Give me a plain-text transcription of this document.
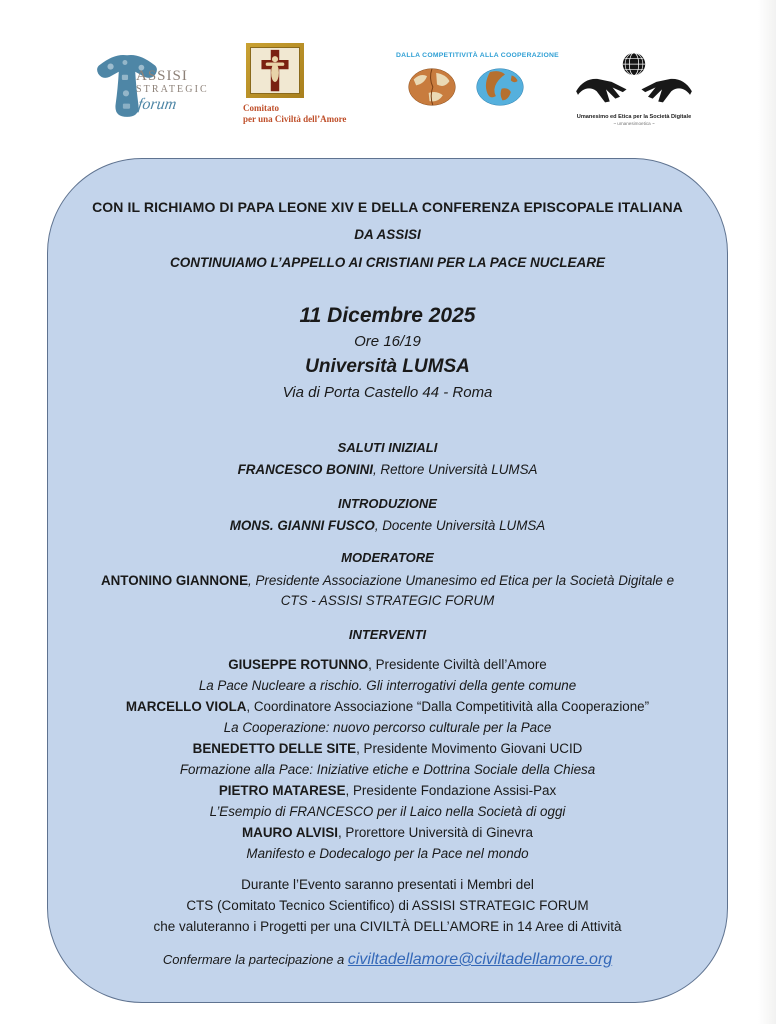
ASSISI
STRATEGIC
forum	Comitato
per una Civiltà dell’Amore
DALLA COMPETITIVITÀ ALLA COOPERAZIONE
Umanesimo ed Etica per la Società Digitale
~ umanesimoetica ~
CON IL RICHIAMO DI PAPA LEONE XIV E DELLA CONFERENZA EPISCOPALE ITALIANA
DA ASSISI
CONTINUIAMO L’APPELLO AI CRISTIANI PER LA PACE NUCLEARE
11 Dicembre 2025
Ore 16/19
Università LUMSA
Via di Porta Castello 44 - Roma
SALUTI INIZIALI
FRANCESCO BONINI, Rettore Università LUMSA
INTRODUZIONE
MONS. GIANNI FUSCO, Docente Università LUMSA
MODERATORE
ANTONINO GIANNONE, Presidente Associazione Umanesimo ed Etica per la Società Digitale e
CTS - ASSISI STRATEGIC FORUM
INTERVENTI
GIUSEPPE ROTUNNO, Presidente Civiltà dell’Amore
La Pace Nucleare a rischio. Gli interrogativi della gente comune
MARCELLO VIOLA, Coordinatore Associazione “Dalla Competitività alla Cooperazione”
La Cooperazione: nuovo percorso culturale per la Pace
BENEDETTO DELLE SITE, Presidente Movimento Giovani UCID
Formazione alla Pace: Iniziative etiche e Dottrina Sociale della Chiesa
PIETRO MATARESE, Presidente Fondazione Assisi-Pax
L’Esempio di FRANCESCO per il Laico nella Società di oggi
MAURO ALVISI, Prorettore Università di Ginevra
Manifesto e Dodecalogo per la Pace nel mondo
Durante l’Evento saranno presentati i Membri del
CTS (Comitato Tecnico Scientifico) di ASSISI STRATEGIC FORUM
che valuteranno i Progetti per una CIVILTÀ DELL’AMORE in 14 Aree di Attività
Confermare la partecipazione a civiltadellamore@civiltadellamore.org
